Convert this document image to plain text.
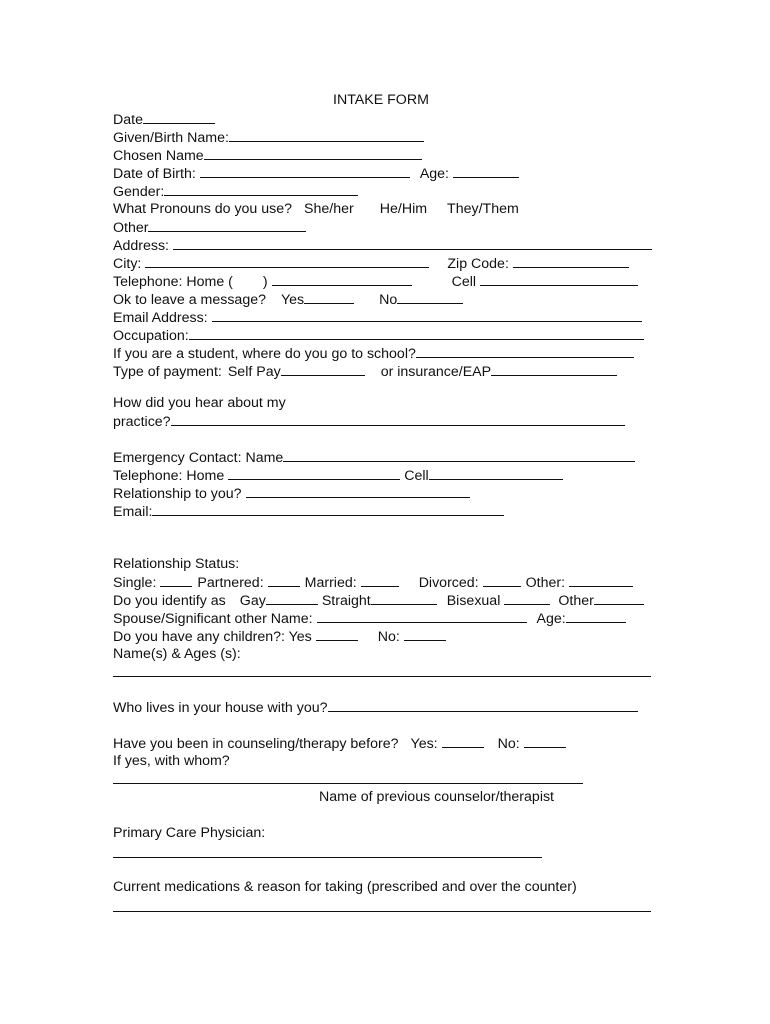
INTAKE FORM
Date
Given/Birth Name:
Chosen Name
Date of Birth:	Age:
Gender:
What Pronouns do you use? She/her He/Him They/Them
Other
Address:
City:	Zip Code:
Telephone: Home ( )	Cell
Ok to leave a message? Yes	No
Email Address:
Occupation:
If you are a student, where do you go to school?
Type of payment: Self Pay	or insurance/EAP
How did you hear about my
practice?
Emergency Contact: Name
Telephone: Home	Cell
Relationship to you?
Email:
Relationship Status:
Single:	Partnered:	Married:	Divorced:	Other:
Do you identify as Gay	Straight	Bisexual	Other
Spouse/Significant other Name:	Age:
Do you have any children?: Yes	No:
Name(s) & Ages (s):
Who lives in your house with you?
Have you been in counseling/therapy before? Yes:	No:
If yes, with whom?
Name of previous counselor/therapist
Primary Care Physician:
Current medications & reason for taking (prescribed and over the counter)
